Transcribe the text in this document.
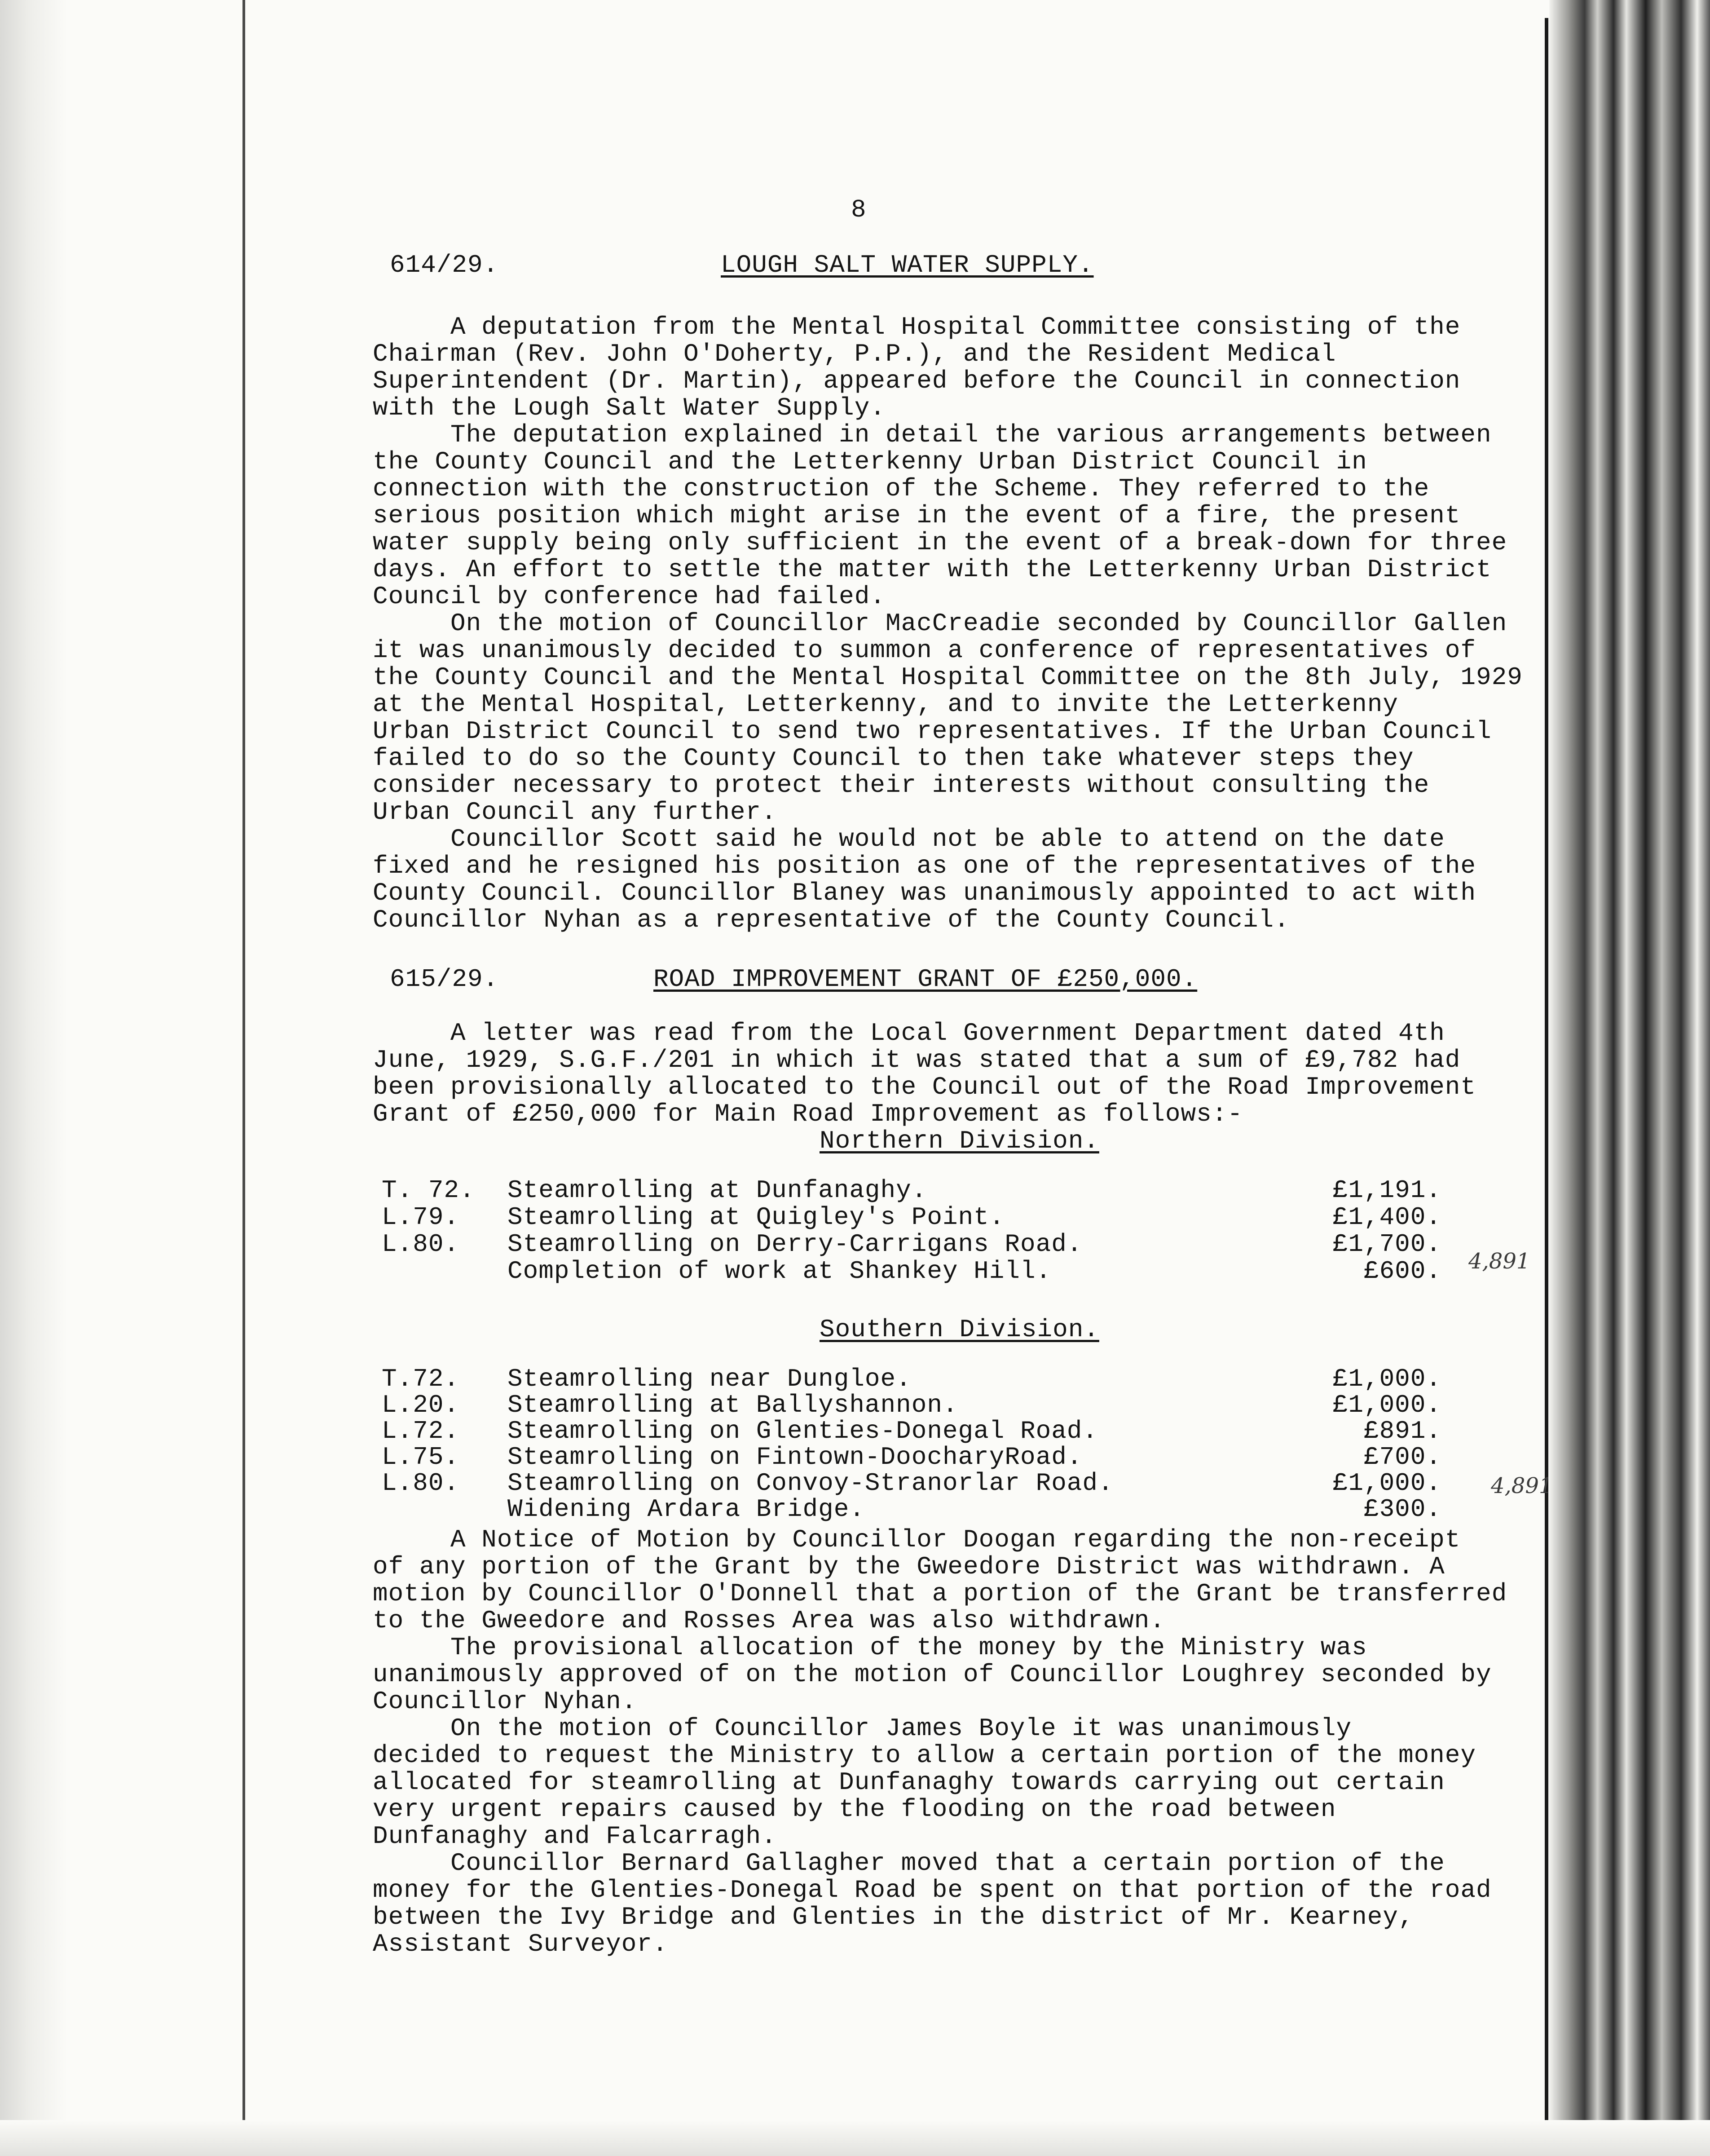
8
614/29.	LOUGH SALT WATER SUPPLY.
A deputation from the Mental Hospital Committee consisting of the
Chairman (Rev. John O'Doherty, P.P.), and the Resident Medical
Superintendent (Dr. Martin), appeared before the Council in connection
with the Lough Salt Water Supply.
The deputation explained in detail the various arrangements between
the County Council and the Letterkenny Urban District Council in
connection with the construction of the Scheme. They referred to the
serious position which might arise in the event of a fire, the present
water supply being only sufficient in the event of a break-down for three
days. An effort to settle the matter with the Letterkenny Urban District
Council by conference had failed.
On the motion of Councillor MacCreadie seconded by Councillor Gallen
it was unanimously decided to summon a conference of representatives of
the County Council and the Mental Hospital Committee on the 8th July, 1929
at the Mental Hospital, Letterkenny, and to invite the Letterkenny
Urban District Council to send two representatives. If the Urban Council
failed to do so the County Council to then take whatever steps they
consider necessary to protect their interests without consulting the
Urban Council any further.
Councillor Scott said he would not be able to attend on the date
fixed and he resigned his position as one of the representatives of the
County Council. Councillor Blaney was unanimously appointed to act with
Councillor Nyhan as a representative of the County Council.
615/29.	ROAD IMPROVEMENT GRANT OF £250,000.
A letter was read from the Local Government Department dated 4th
June, 1929, S.G.F./201 in which it was stated that a sum of £9,782 had
been provisionally allocated to the Council out of the Road Improvement
Grant of £250,000 for Main Road Improvement as follows:-
Northern Division.
T. 72. Steamrolling at Dunfanaghy.	£1,191.
L.79. Steamrolling at Quigley's Point.	£1,400.
L.80. Steamrolling on Derry-Carrigans Road.	£1,700.
Completion of work at Shankey Hill.	£600.
Southern Division.
T.72. Steamrolling near Dungloe.	£1,000.
L.20. Steamrolling at Ballyshannon.	£1,000.
L.72. Steamrolling on Glenties-Donegal Road.	£891.
L.75. Steamrolling on Fintown-DoocharyRoad.	£700.
L.80. Steamrolling on Convoy-Stranorlar Road.	£1,000.
Widening Ardara Bridge.	£300.
4,891
4,891
A Notice of Motion by Councillor Doogan regarding the non-receipt
of any portion of the Grant by the Gweedore District was withdrawn. A
motion by Councillor O'Donnell that a portion of the Grant be transferred
to the Gweedore and Rosses Area was also withdrawn.
The provisional allocation of the money by the Ministry was
unanimously approved of on the motion of Councillor Loughrey seconded by
Councillor Nyhan.
On the motion of Councillor James Boyle it was unanimously
decided to request the Ministry to allow a certain portion of the money
allocated for steamrolling at Dunfanaghy towards carrying out certain
very urgent repairs caused by the flooding on the road between
Dunfanaghy and Falcarragh.
Councillor Bernard Gallagher moved that a certain portion of the
money for the Glenties-Donegal Road be spent on that portion of the road
between the Ivy Bridge and Glenties in the district of Mr. Kearney,
Assistant Surveyor.
